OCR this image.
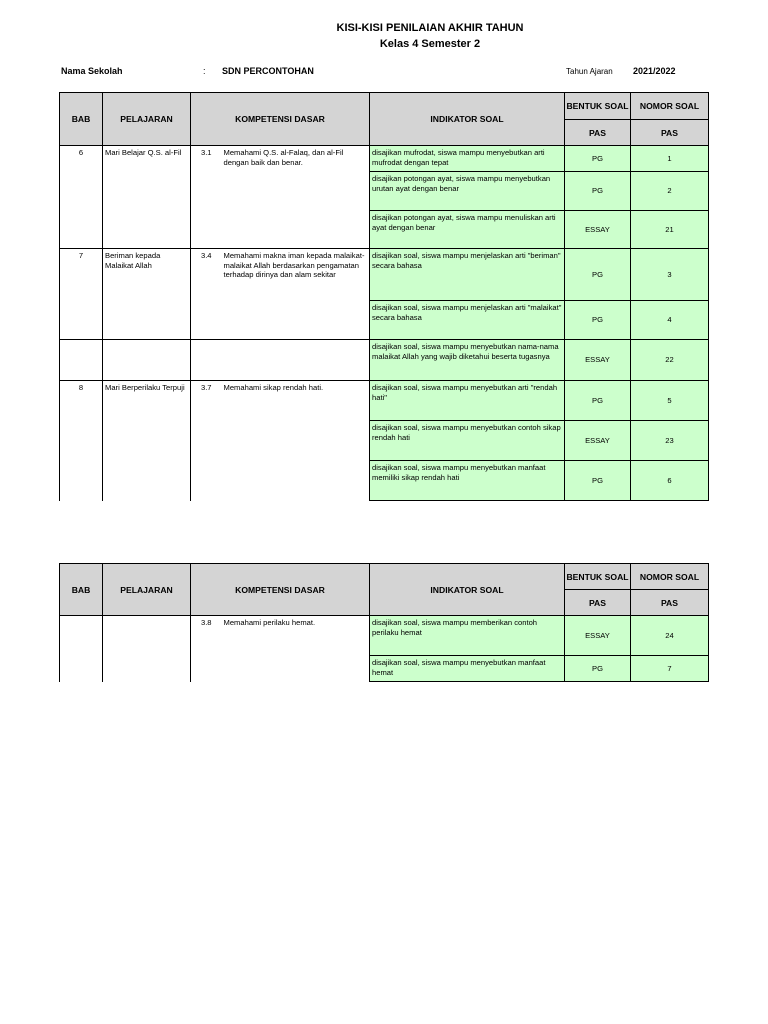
KISI-KISI PENILAIAN AKHIR TAHUN
Kelas 4 Semester 2
Nama Sekolah	: SDN PERCONTOHAN	Tahun Ajaran 2021/2022
BAB	PELAJARAN	KOMPETENSI DASAR		INDIKATOR SOAL	BENTUK SOAL	NOMOR SOAL
					PAS	PAS
6	Mari Belajar Q.S. al-Fil	3.1	Memahami Q.S. al-Falaq, dan al-Fil dengan baik dan benar.	disajikan mufrodat, siswa mampu menyebutkan arti mufrodat dengan tepat	PG	1
				disajikan potongan ayat, siswa mampu menyebutkan urutan ayat dengan benar	PG	2
				disajikan potongan ayat, siswa mampu menuliskan arti ayat dengan benar	ESSAY	21
7	Beriman kepada Malaikat Allah	3.4	Memahami makna iman kepada malaikat-malaikat Allah berdasarkan pengamatan terhadap dirinya dan alam sekitar	disajikan soal, siswa mampu menjelaskan arti "beriman" secara bahasa	PG	3
				disajikan soal, siswa mampu menjelaskan arti "malaikat" secara bahasa	PG	4
				disajikan soal, siswa mampu menyebutkan nama-nama malaikat Allah yang wajib diketahui beserta tugasnya	ESSAY	22
8	Mari Berperilaku Terpuji	3.7	Memahami sikap rendah hati.	disajikan soal, siswa mampu menyebutkan arti "rendah hati"	PG	5
				disajikan soal, siswa mampu menyebutkan contoh sikap rendah hati	ESSAY	23
				disajikan soal, siswa mampu menyebutkan manfaat memiliki sikap rendah hati	PG	6
BAB	PELAJARAN	KOMPETENSI DASAR		INDIKATOR SOAL	BENTUK SOAL	NOMOR SOAL
					PAS	PAS
		3.8	Memahami perilaku hemat.	disajikan soal, siswa mampu memberikan contoh perilaku hemat	ESSAY	24
				disajikan soal, siswa mampu menyebutkan manfaat hemat	PG	7
